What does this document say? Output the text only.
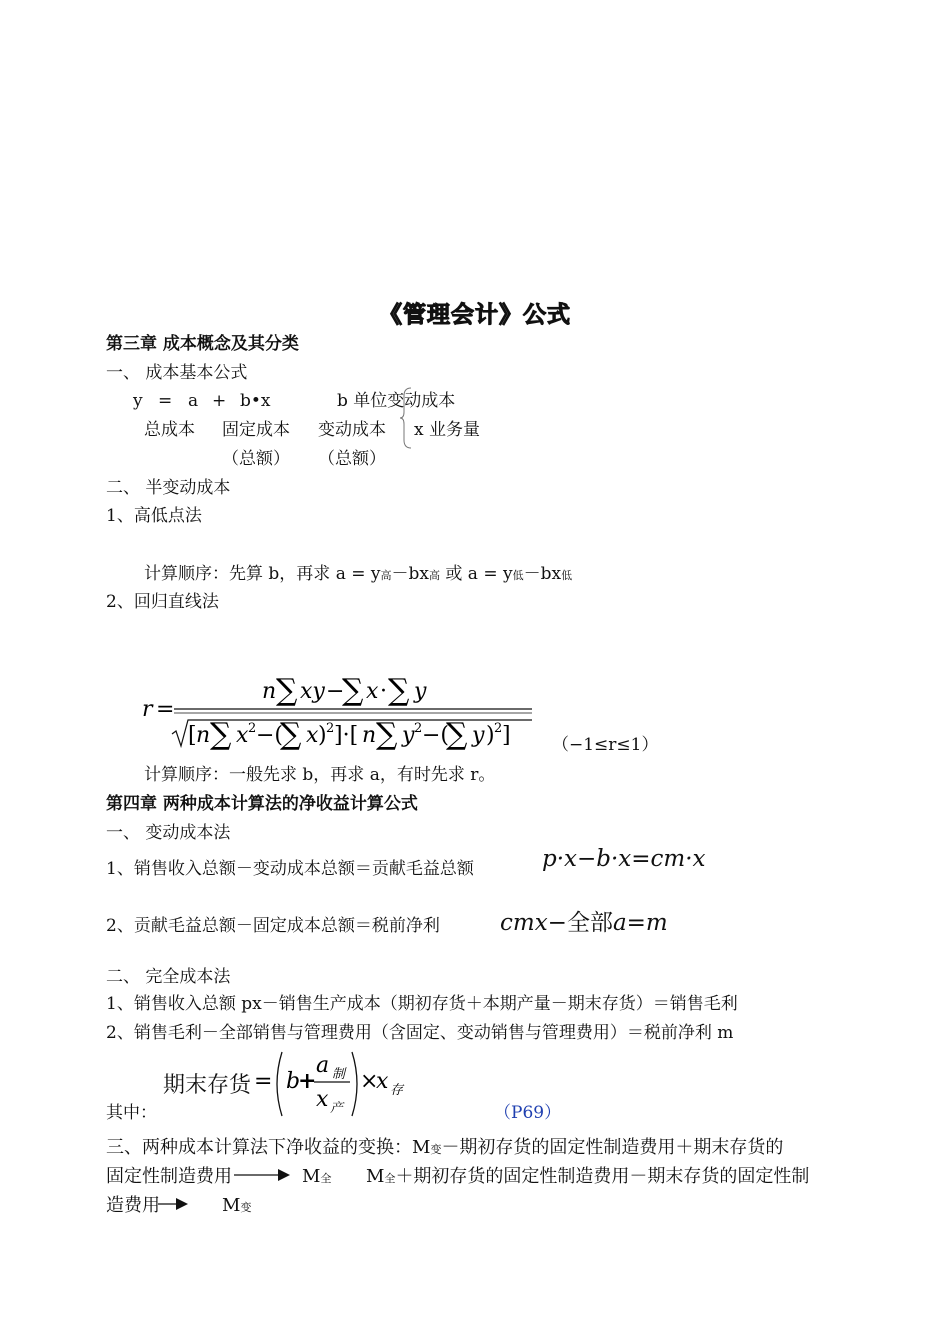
《管理会计》公式
第三章 成本概念及其分类
一、 成本基本公式
y = a + b•x	b 单位变动成本
总成本 固定成本 变动成本 x 业务量
（总额） （总额）
二、 半变动成本
1、高低点法
计算顺序：先算 b，再求 a = y高－bx高 或 a = y低－bx低
2、回归直线法
r =
n ∑ xy −
∑ x · ∑ y
[ n ∑ x 2 −(
∑ x ) 2 ]·[ n ∑ y 2 −(
∑ y ) 2 ] （−1≤r≤1）
计算顺序：一般先求 b，再求 a，有时先求 r。
第四章 两种成本计算法的净收益计算公式
一、 变动成本法
1、销售收入总额－变动成本总额＝贡献毛益总额	p·x−b·x=cm·x
2、贡献毛益总额－固定成本总额＝税前净利	cmx−全部a=m
二、 完全成本法
1、销售收入总额 px－销售生产成本（期初存货＋本期产量－期末存货）＝销售毛利
2、销售毛利－全部销售与管理费用（含固定、变动销售与管理费用）＝税前净利 m
期末存货 = b
+
a 制
x 产
×
x 存
其中：	（P69）
三、两种成本计算法下净收益的变换：M变－期初存货的固定性制造费用＋期末存货的
固定性制造费用	M全 M全＋期初存货的固定性制造费用－期末存货的固定性制
造费用	M变
